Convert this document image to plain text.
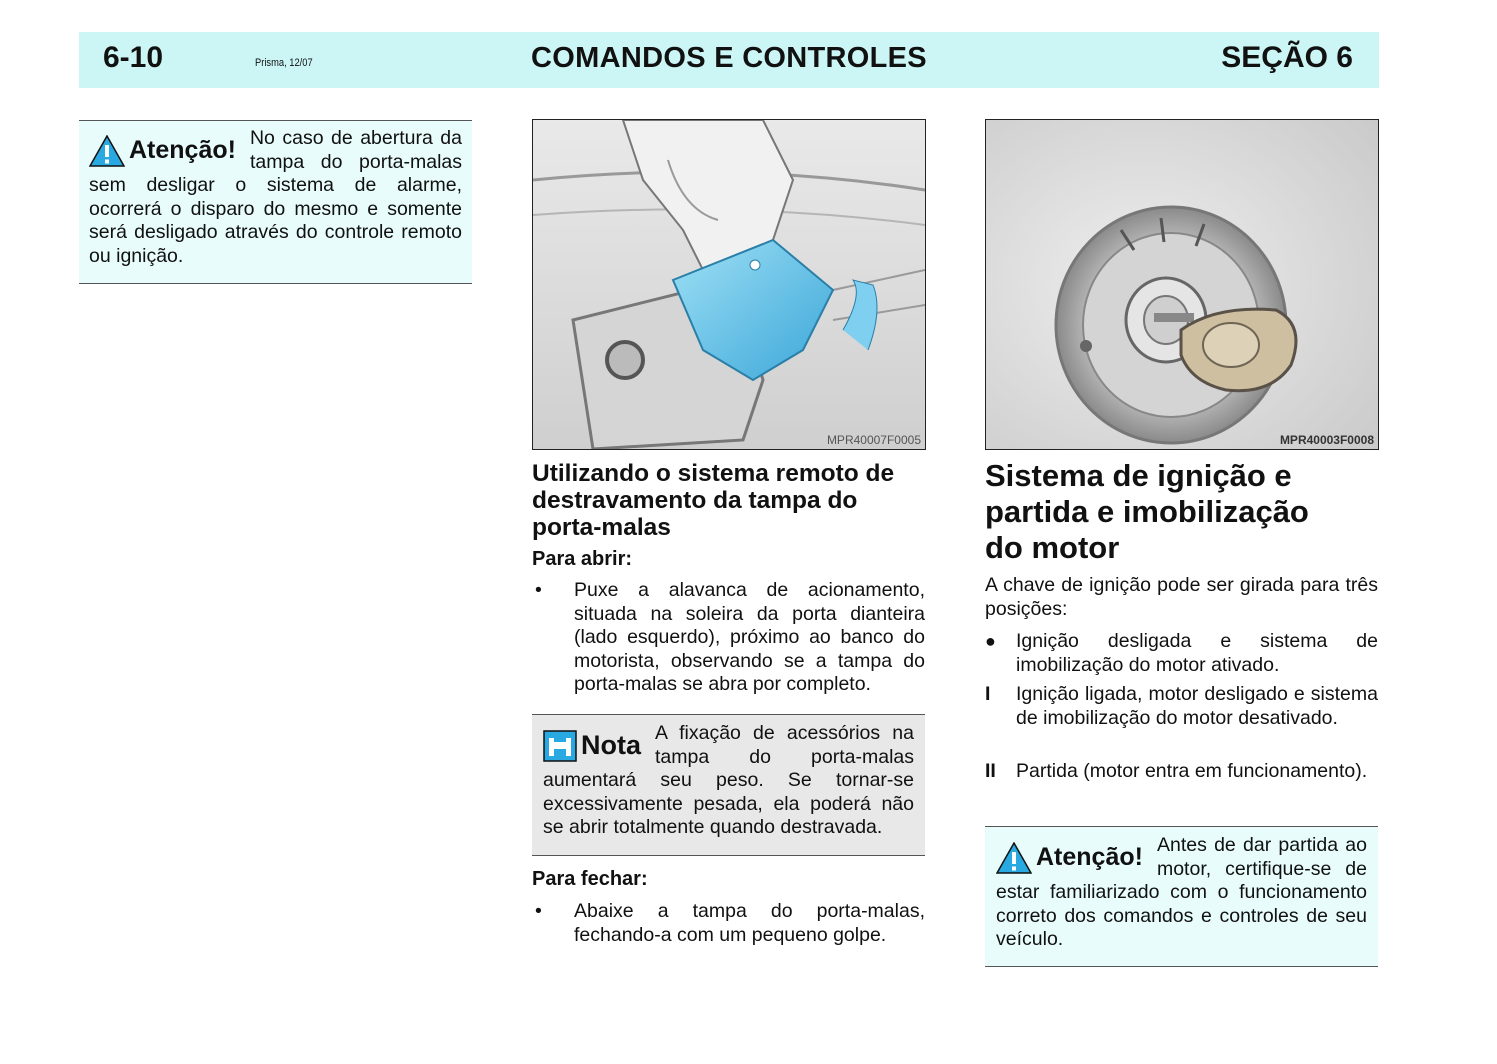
6-10	Prisma, 12/07	COMANDOS E CONTROLES	SEÇÃO 6

Atenção! No caso de abertura da tampa do porta-malas sem desligar o sistema de alarme, ocorrerá o disparo do mesmo e somente será desligado através do controle remoto ou ignição.

MPR40007F0005
Utilizando o sistema remoto de destravamento da tampa do porta-malas
Para abrir:
•	Puxe a alavanca de acionamento, situada na soleira da porta dianteira (lado esquerdo), próximo ao banco do motorista, observando se a tampa do porta-malas se abra por completo.

Nota A fixação de acessórios na tampa do porta-malas aumentará seu peso. Se tornar-se excessivamente pesada, ela poderá não se abrir totalmente quando destravada.

Para fechar:
•	Abaixe a tampa do porta-malas, fechando-a com um pequeno golpe.
MPR40003F0008
Sistema de ignição e partida e imobilização do motor

A chave de ignição pode ser girada para três posições:

●	Ignição desligada e sistema de imobilização do motor ativado.
I	Ignição ligada, motor desligado e sistema de imobilização do motor desativado.
II	Partida (motor entra em funcionamento).

Atenção! Antes de dar partida ao motor, certifique-se de estar familiarizado com o funcionamento correto dos comandos e controles de seu veículo.
